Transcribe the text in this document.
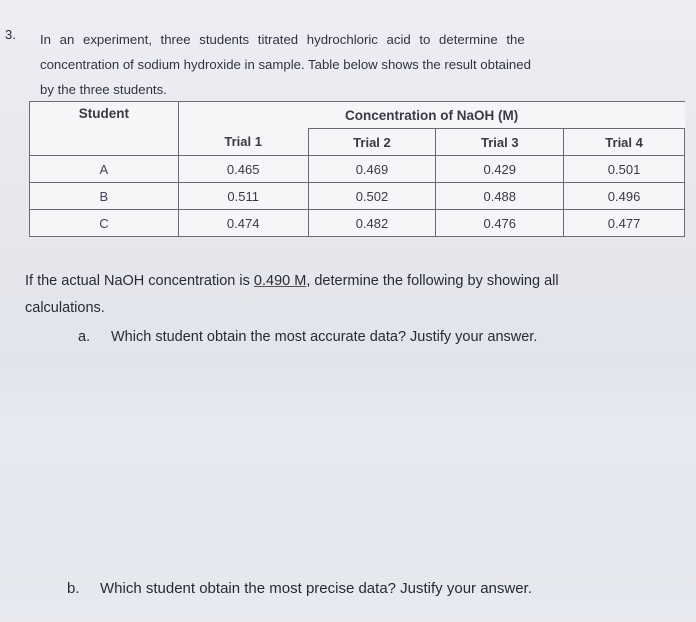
3. In an experiment, three students titrated hydrochloric acid to determine the
concentration of sodium hydroxide in sample. Table below shows the result obtained
by the three students.
Student	Concentration of NaOH (M)			
	Trial 1	Trial 2	Trial 3	Trial 4
A	0.465	0.469	0.429	0.501
B	0.511	0.502	0.488	0.496
C	0.474	0.482	0.476	0.477
If the actual NaOH concentration is 0.490 M, determine the following by showing all
calculations.
a. Which student obtain the most accurate data? Justify your answer.
b. Which student obtain the most precise data? Justify your answer.
